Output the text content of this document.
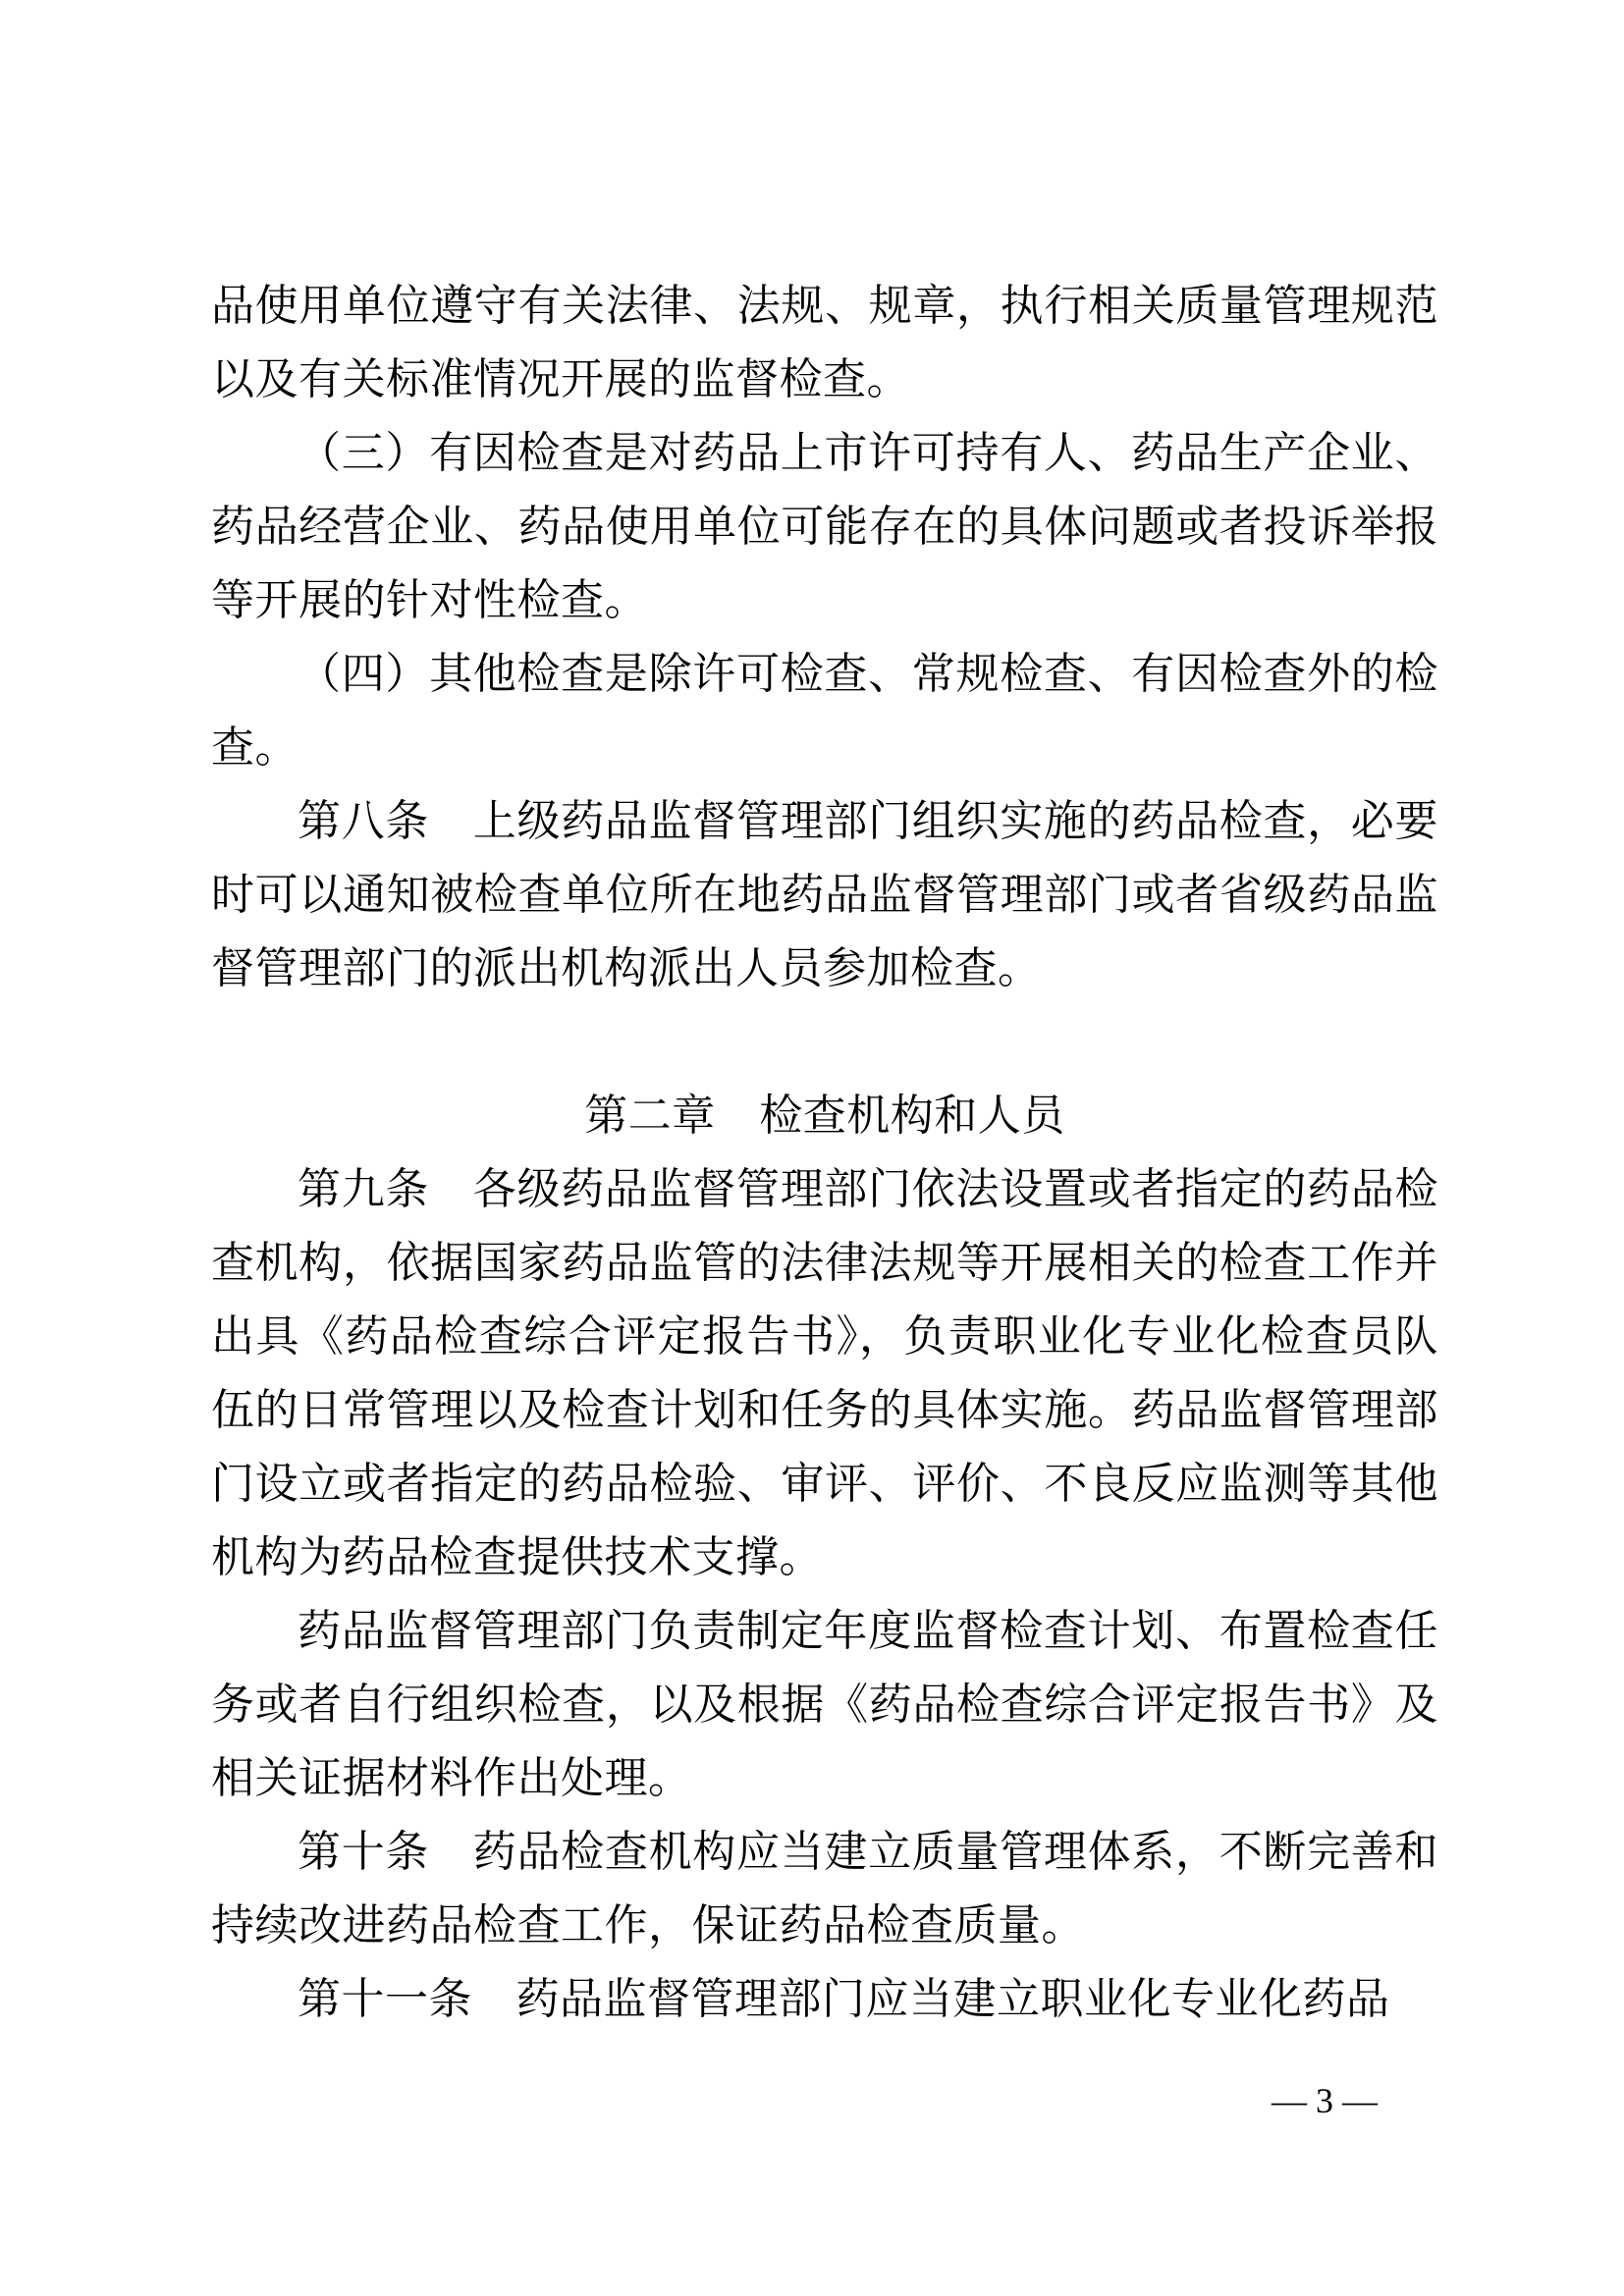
品使用单位遵守有关法律、法规、规章，执行相关质量管理规范以及有关标准情况开展的监督检查。

（三）有因检查是对药品上市许可持有人、药品生产企业、药品经营企业、药品使用单位可能存在的具体问题或者投诉举报等开展的针对性检查。

（四）其他检查是除许可检查、常规检查、有因检查外的检查。

第八条　上级药品监督管理部门组织实施的药品检查，必要时可以通知被检查单位所在地药品监督管理部门或者省级药品监督管理部门的派出机构派出人员参加检查。

第二章　检查机构和人员

第九条　各级药品监督管理部门依法设置或者指定的药品检查机构，依据国家药品监管的法律法规等开展相关的检查工作并出具《药品检查综合评定报告书》，负责职业化专业化检查员队伍的日常管理以及检查计划和任务的具体实施。药品监督管理部门设立或者指定的药品检验、审评、评价、不良反应监测等其他机构为药品检查提供技术支撑。

药品监督管理部门负责制定年度监督检查计划、布置检查任务或者自行组织检查，以及根据《药品检查综合评定报告书》及相关证据材料作出处理。

第十条　药品检查机构应当建立质量管理体系，不断完善和持续改进药品检查工作，保证药品检查质量。

第十一条　药品监督管理部门应当建立职业化专业化药品

— 3 —
